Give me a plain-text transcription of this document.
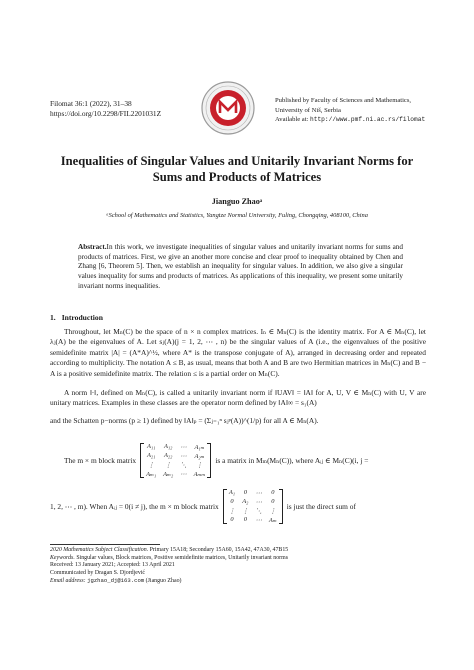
Filomat 36:1 (2022), 31–38
https://doi.org/10.2298/FIL2201031Z
Published by Faculty of Sciences and Mathematics,
University of Niš, Serbia
Available at: http://www.pmf.ni.ac.rs/filomat
Inequalities of Singular Values and Unitarily Invariant Norms for
Sums and Products of Matrices
Jianguo Zhaoᵃ
ᵃSchool of Mathematics and Statistics, Yangtze Normal University, Fuling, Chongqing, 408100, China
Abstract.In this work, we investigate inequalities of singular values and unitarily invariant norms for sums and products of matrices. First, we give an another more concise and clear proof to inequality obtained by Chen and Zhang [6, Theorem 5]. Then, we establish an inequality for singular values. In addition, we also give a singular values inequality for sums and products of matrices. As applications of this inequality, we present some unitarily invariant norms inequalities.
1. Introduction
Throughout, let Mₙ(C) be the space of n × n complex matrices. Iₙ ∈ Mₙ(C) is the identity matrix. For A ∈ Mₙ(C), let λⱼ(A) be the eigenvalues of A. Let sⱼ(A)(j = 1, 2, ⋯ , n) be the singular values of A (i.e., the eigenvalues of the positive semidefinite matrix |A| = (A*A)^½, where A* is the transpose conjugate of A), arranged in decreasing order and repeated according to multiplicity. The notation A ≤ B, as usual, means that both A and B are two Hermitian matrices in Mₙ(C) and B − A is a positive semidefinite matrix. The relation ≤ is a partial order on Mₙ(C).
A norm ‖·‖, defined on Mₙ(C), is called a unitarily invariant norm if ‖UAV‖ = ‖A‖ for A, U, V ∈ Mₙ(C) with U, V are unitary matrices. Examples in these classes are the operator norm defined by ‖A‖∞ = s₁(A)
and the Schatten p−norms (p ≥ 1) defined by ‖A‖ₚ = (Σⱼ₌₁ⁿ sⱼᵖ(A))^(1/p) for all A ∈ Mₙ(A).
The m × m block matrix
A₁₁ A₁₂ ⋯ A₁ₘ
A₂₁ A₂₂ ⋯ A₂ₘ
⋮ ⋮ ⋱	⋮
Aₘ₁ Aₘ₂ ⋯ Aₘₘ
is a matrix in Mₘ(Mₙ(C)), where Aᵢⱼ ∈ Mₙ(C)(i, j =
1, 2, ⋯ , m). When Aᵢⱼ = 0(i ≠ j), the m × m block matrix
A₁ 0 ⋯	0
0 A₂ ⋯	0
⋮ ⋮ ⋱ ⋮
0 0 ⋯ Aₘ
is just the direct sum of
2020 Mathematics Subject Classification. Primary 15A18; Secondary 15A60, 15A42, 47A30, 47B15
Keywords. Singular values, Block matrices, Positive semidefinite matrices, Unitarily invariant norms
Received: 13 January 2021; Accepted: 13 April 2021
Communicated by Dragan S. Djordjević
Email address: jgzhao_dj@163.com (Jianguo Zhao)
